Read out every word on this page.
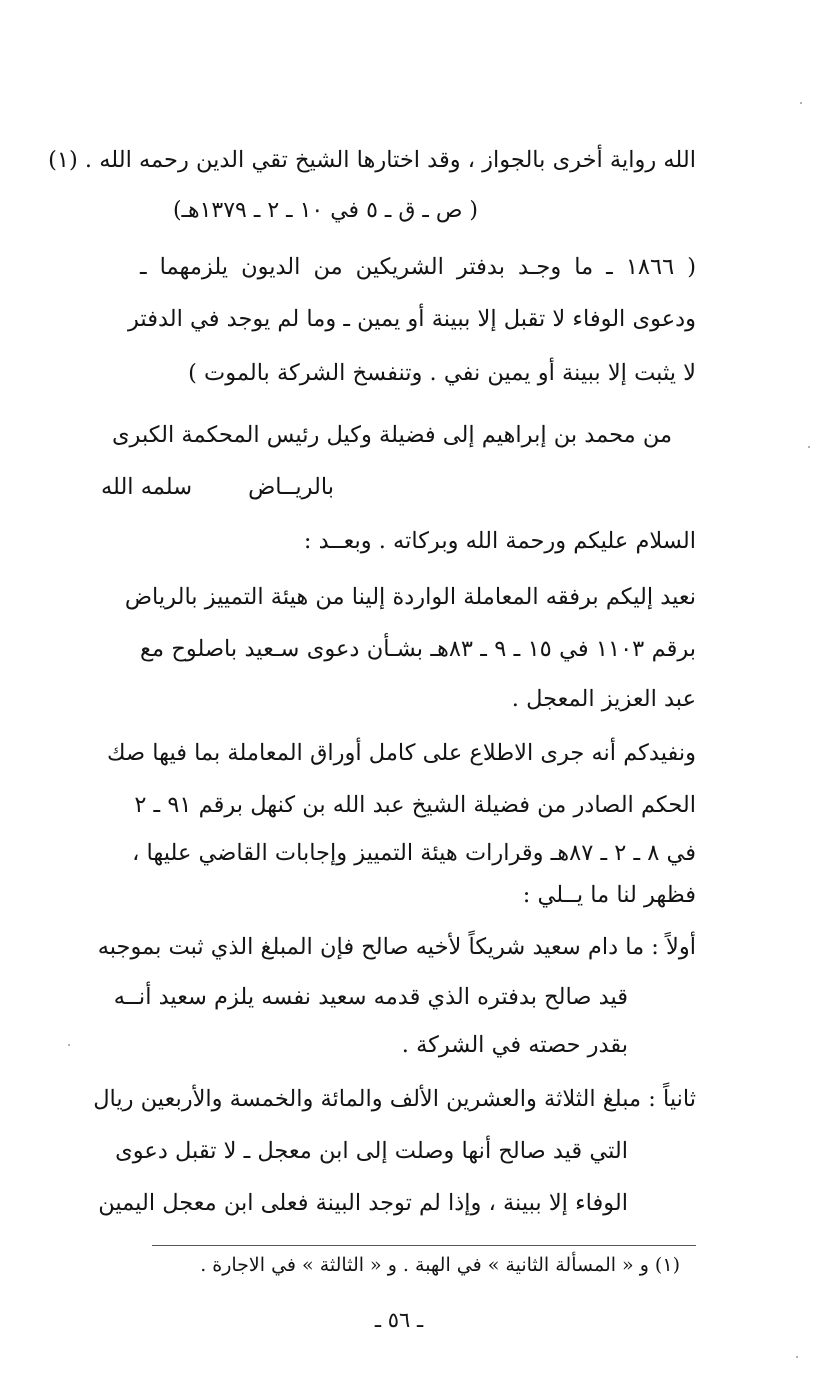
الله رواية أخرى بالجواز ، وقد اختارها الشيخ تقي الدين رحمه الله . (١)
( ص ـ ق ـ ٥ في ١٠ ـ ٢ ـ ١٣٧٩هـ)
( ١٨٦٦ ـ ما وجـد بدفتر الشريكين من الديون يلزمهما ـ
ودعوى الوفاء لا تقبل إلا ببينة أو يمين ـ وما لم يوجد في الدفتر
لا يثبت إلا ببينة أو يمين نفي . وتنفسخ الشركة بالموت )
من محمد بن إبراهيم إلى فضيلة وكيل رئيس المحكمة الكبرى
بالريــاضسلمه الله
السلام عليكم ورحمة الله وبركاته . وبعــد :
نعيد إليكم برفقه المعاملة الواردة إلينا من هيئة التمييز بالرياض
برقم ١١٠٣ في ١٥ ـ ٩ ـ ٨٣هـ بشـأن دعوى سـعيد باصلوح مع
عبد العزيز المعجل .
ونفيدكم أنه جرى الاطلاع على كامل أوراق المعاملة بما فيها صك
الحكم الصادر من فضيلة الشيخ عبد الله بن كنهل برقم ٩١ ـ ٢
في ٨ ـ ٢ ـ ٨٧هـ وقرارات هيئة التمييز وإجابات القاضي عليها ،
فظهر لنا ما يــلي :
أولاً : ما دام سعيد شريكاً لأخيه صالح فإن المبلغ الذي ثبت بموجبه
قيد صالح بدفتره الذي قدمه سعيد نفسه يلزم سعيد أنــه
بقدر حصته في الشركة .
ثانياً : مبلغ الثلاثة والعشرين الألف والمائة والخمسة والأربعين ريال
التي قيد صالح أنها وصلت إلى ابن معجل ـ لا تقبل دعوى
الوفاء إلا ببينة ، وإذا لم توجد البينة فعلى ابن معجل اليمين
(١) و « المسألة الثانية » في الهبة . و « الثالثة » في الاجارة .
ـ ٥٦ ـ
